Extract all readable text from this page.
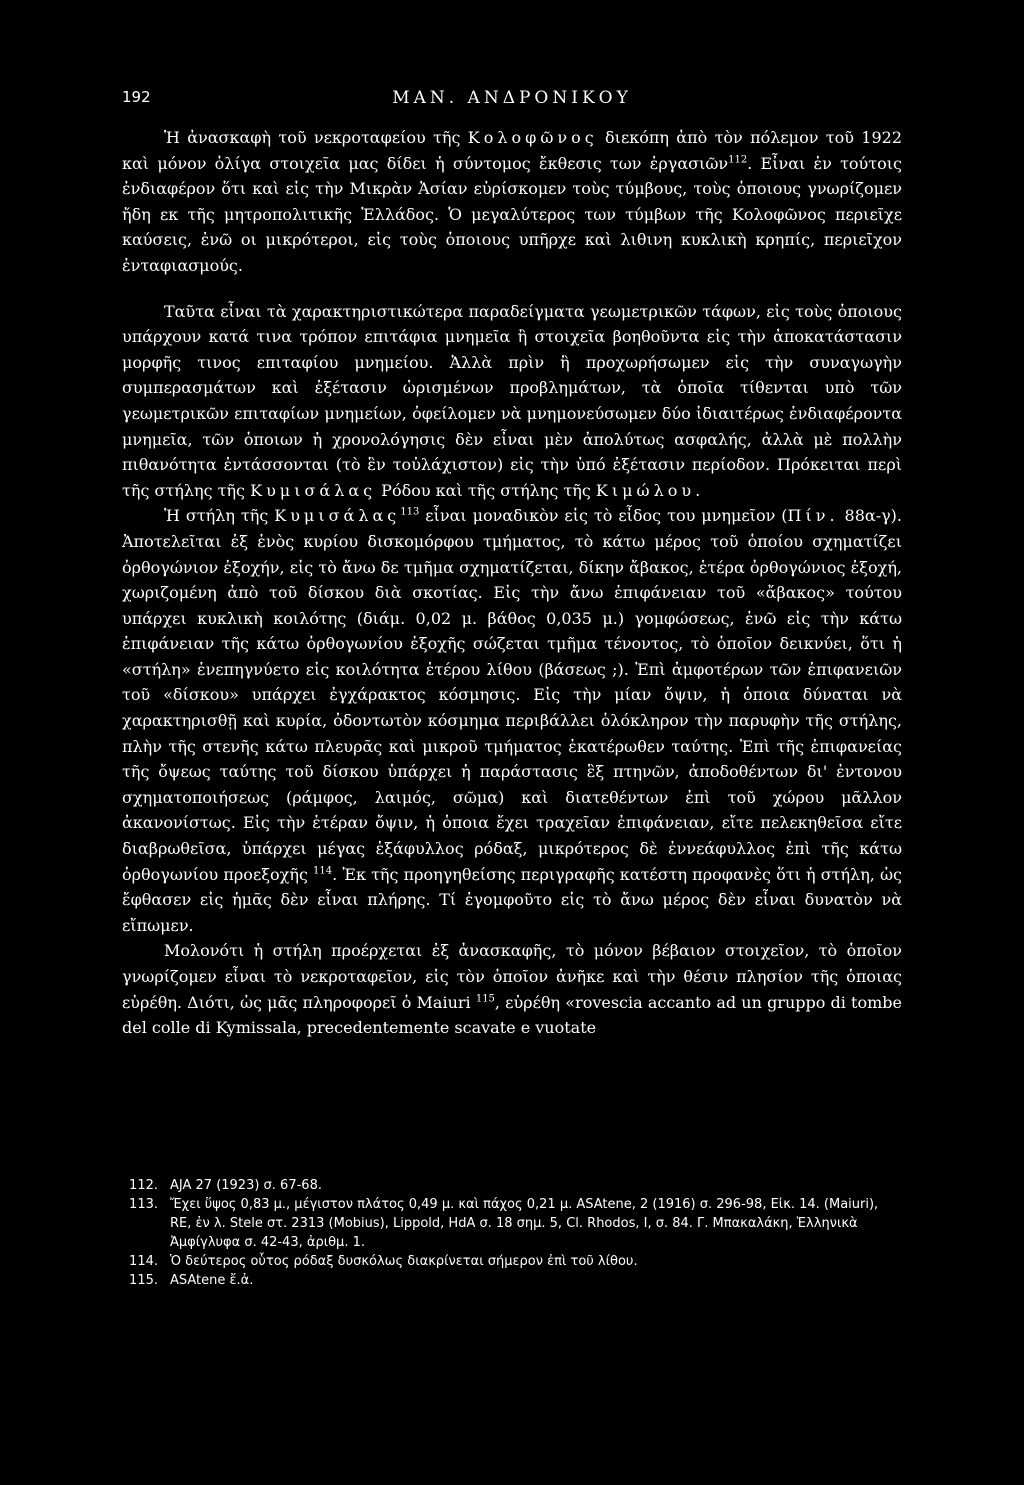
192	ΜΑΝ. ΑΝΔΡΟΝΙΚΟΥ

Ἡ ἀνασκαφὴ τοῦ νεκροταφείου τῆς Κολοφῶνος διεκόπη ἀπὸ τὸν πόλεμον τοῦ 1922 καὶ μόνον ὀλίγα στοιχεῖα μας δίδει ἡ σύντομος ἔκθεσις των ἐργασιῶν$^{112}$. Εἶναι ἐν τούτοις ἐνδιαφέρον ὅτι καὶ εἰς τὴν Μικρὰν Ἀσίαν εὑρίσκομεν τοὺς τύμβους, τοὺς ὁποιους γνωρίζομεν ἤδη εκ τῆς μητροπολιτικῆς Ἑλλάδος. Ὁ μεγαλύτερος των τύμβων τῆς Κολοφῶνος περιεῖχε καύσεις, ἐνῶ οι μικρότεροι, εἰς τοὺς ὁποιους υπῆρχε καὶ λιθινη κυκλικὴ κρηπίς, περιεῖχον ἐνταφιασμούς.

Ταῦτα εἶναι τὰ χαρακτηριστικώτερα παραδείγματα γεωμετρικῶν τάφων, εἰς τοὺς ὁποιους υπάρχουν κατά τινα τρόπον επιτάφια μνημεῖα ἢ στοιχεῖα βοηθοῦντα εἰς τὴν ἀποκατάστασιν μορφῆς τινος επιταφίου μνημείου. Ἀλλὰ πρὶν ἢ προχωρήσωμεν εἰς τὴν συναγωγὴν συμπερασμάτων καὶ ἐξέτασιν ὡρισμένων προβλημάτων, τὰ ὁποῖα τίθενται υπὸ τῶν γεωμετρικῶν επιταφίων μνημείων, ὀφείλομεν νὰ μνημονεύσωμεν δύο ἰδιαιτέρως ἐνδιαφέροντα μνημεῖα, τῶν ὁποιων ἡ χρονολόγησις δὲν εἶναι μὲν ἀπολύτως ασφαλής, ἀλλὰ μὲ πολλὴν πιθανότητα ἐντάσσονται (τὸ ἓν τοὐλάχιστον) εἰς τὴν ὑπό ἐξέτασιν περίοδον. Πρόκειται περὶ τῆς στήλης τῆς Κυμισάλας Ρόδου καὶ τῆς στήλης τῆς Κιμώλου.

Ἡ στήλη τῆς Κυμισάλας$^{113}$ εἶναι μοναδικὸν εἰς τὸ εἶδος του μνημεῖον (Πίν. 88α-γ). Ἀποτελεῖται ἐξ ἑνὸς κυρίου δισκομόρφου τμήματος, τὸ κάτω μέρος τοῦ ὁποίου σχηματίζει ὀρθογώνιον ἐξοχήν, εἰς τὸ ἄνω δε τμῆμα σχηματίζεται, δίκην ἄβακος, ἑτέρα ὀρθογώνιος ἐξοχή, χωριζομένη ἀπὸ τοῦ δίσκου διὰ σκοτίας. Εἰς τὴν ἄνω ἐπιφάνειαν τοῦ «ἄβακος» τούτου υπάρχει κυκλικὴ κοιλότης (διάμ. 0,02 μ. βάθος 0,035 μ.) γομφώσεως, ἐνῶ εἰς τὴν κάτω ἐπιφάνειαν τῆς κάτω ὀρθογωνίου ἐξοχῆς σώζεται τμῆμα τένοντος, τὸ ὁποῖον δεικνύει, ὅτι ἡ «στήλη» ἐνεπηγνύετο εἰς κοιλότητα ἑτέρου λίθου (βάσεως ;). Ἐπὶ ἀμφοτέρων τῶν ἐπιφανειῶν τοῦ «δίσκου» υπάρχει ἐγχάρακτος κόσμησις. Εἰς τὴν μίαν ὄψιν, ἡ ὁποια δύναται νὰ χαρακτηρισθῇ καὶ κυρία, ὀδοντωτὸν κόσμημα περιβάλλει ὁλόκληρον τὴν παρυφὴν τῆς στήλης, πλὴν τῆς στενῆς κάτω πλευρᾶς καὶ μικροῦ τμήματος ἑκατέρωθεν ταύτης. Ἐπὶ τῆς ἐπιφανείας τῆς ὄψεως ταύτης τοῦ δίσκου ὑπάρχει ἡ παράστασις ἓξ πτηνῶν, ἀποδοθέντων δι' ἐντονου σχηματοποιήσεως (ράμφος, λαιμός, σῶμα) καὶ διατεθέντων ἐπὶ τοῦ χώρου μᾶλλον ἀκανονίστως. Εἰς τὴν ἑτέραν ὄψιν, ἡ ὁποια ἔχει τραχεῖαν ἐπιφάνειαν, εἴτε πελεκηθεῖσα εἴτε διαβρωθεῖσα, ὑπάρχει μέγας ἑξάφυλλος ρόδαξ, μικρότερος δὲ ἐννεάφυλλος ἐπὶ τῆς κάτω ὀρθογωνίου προεξοχῆς $^{114}$. Ἐκ τῆς προηγηθείσης περιγραφῆς κατέστη προφανὲς ὅτι ἡ στήλη, ὡς ἔφθασεν εἰς ἡμᾶς δὲν εἶναι πλήρης. Τί ἐγομφοῦτο εἰς τὸ ἄνω μέρος δὲν εἶναι δυνατὸν νὰ εἴπωμεν.

Μολονότι ἡ στήλη προέρχεται ἐξ ἀνασκαφῆς, τὸ μόνον βέβαιον στοιχεῖον, τὸ ὁποῖον γνωρίζομεν εἶναι τὸ νεκροταφεῖον, εἰς τὸν ὁποῖον ἀνῆκε καὶ τὴν θέσιν πλησίον τῆς ὁποιας εὑρέθη. Διότι, ὡς μᾶς πληροφορεῖ ὁ Maiuri $^{115}$, εὑρέθη «rovescia accanto ad un gruppo di tombe del colle di Kymissala, precedentemente scavate e vuotate

112. AJA 27 (1923) σ. 67-68.
113. Ἔχει ὕψος 0,83 μ., μέγιστον πλάτος 0,49 μ. καὶ πάχος 0,21 μ. ASAtene, 2 (1916) σ. 296-98, Εἰκ. 14. (Maiuri), RE, ἐν λ. Stele στ. 2313 (Mobius), Lippold, HdA σ. 18 σημ. 5, Cl. Rhodos, I, σ. 84. Γ. Μπακαλάκη, Ἑλληνικὰ Ἀμφίγλυφα σ. 42-43, ἀριθμ. 1.
114. Ὁ δεύτερος οὗτος ρόδαξ δυσκόλως διακρίνεται σήμερον ἐπὶ τοῦ λίθου.
115. ASAtene ἔ.ἀ.
